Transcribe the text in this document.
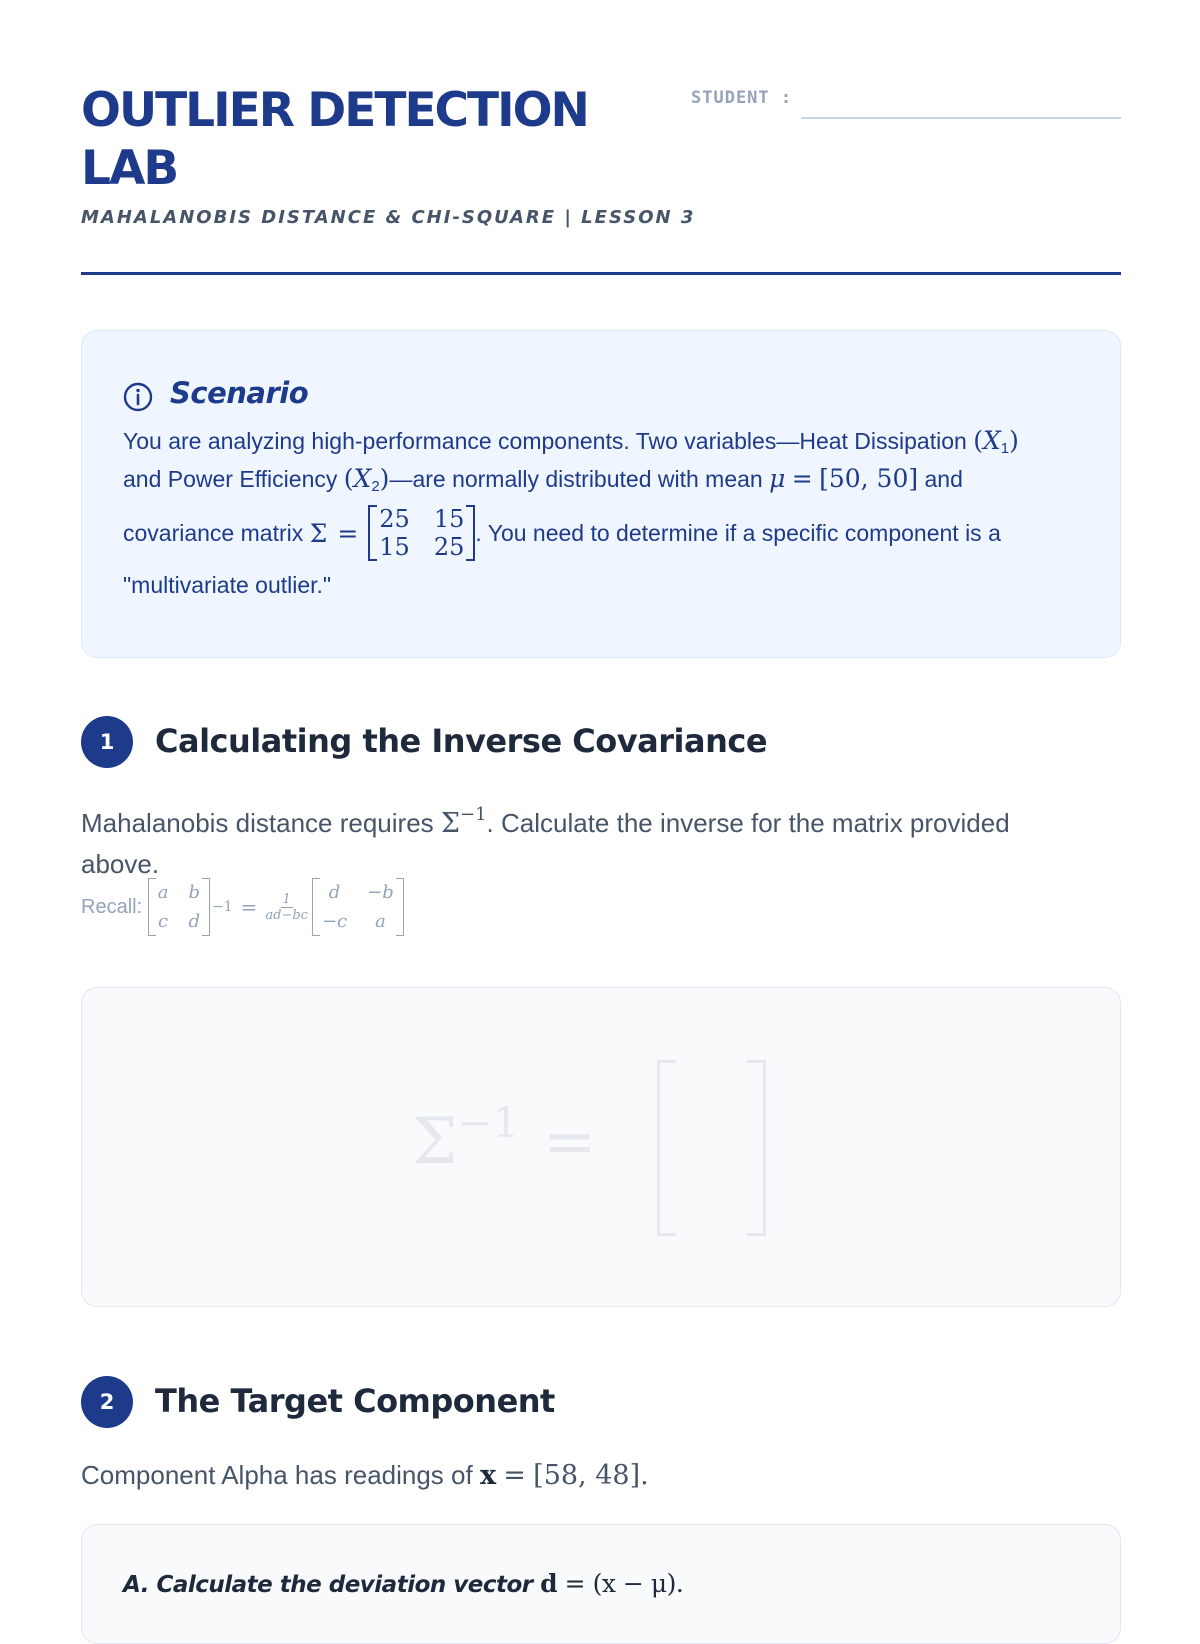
OUTLIER DETECTION LAB
MAHALANOBIS DISTANCE & CHI-SQUARE | LESSON 3
STUDENT :
Scenario
You are analyzing high-performance components. Two variables—Heat Dissipation $(X_1)$
and Power Efficiency $(X_2)—are$ normally distributed with mean μ = [50, 50] and
covariance matrix
Σ = 25	15
15	25
. You need to determine if a specific component is a
"multivariate outlier."
1	Calculating the Inverse Covariance
Mahalanobis distance requires $\Sigma^{-1}$. Calculate the inverse for the matrix provided
above.
Recall:

a	b
c	d
$-1 = \frac{1}{ad-bc}$ d	−b
−c	a
$\Sigma^{-1}$ =
2	The Target Component
Component Alpha has readings of x = [58, 48].
A. Calculate the deviation vector d = (x − μ).
